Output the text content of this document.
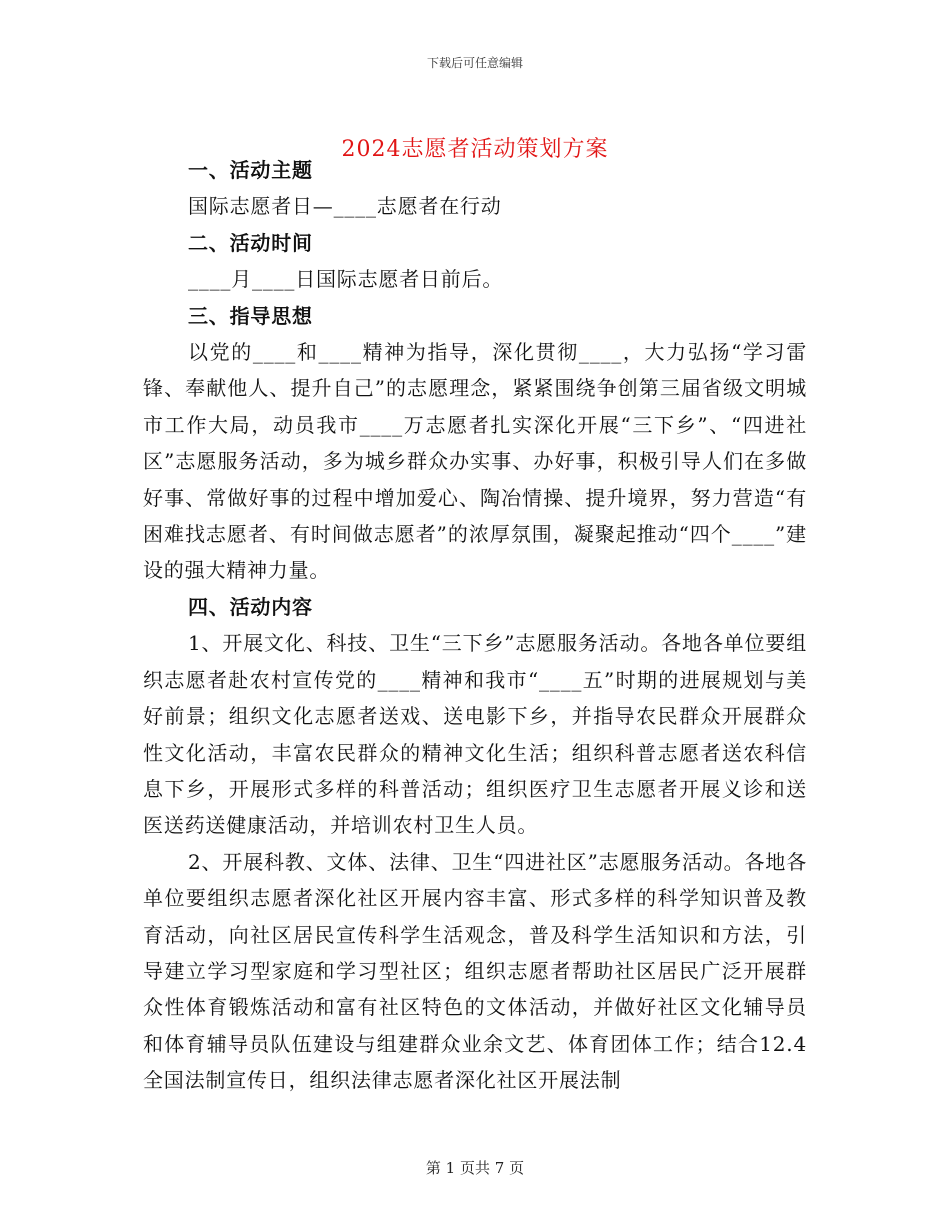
下载后可任意编辑
2024志愿者活动策划方案

一、活动主题

国际志愿者日—____志愿者在行动

二、活动时间

____月____日国际志愿者日前后。

三、指导思想

以党的____和____精神为指导，深化贯彻____，大力弘扬“学习雷锋、奉献他人、提升自己”的志愿理念，紧紧围绕争创第三届省级文明城市工作大局，动员我市____万志愿者扎实深化开展“三下乡”、“四进社区”志愿服务活动，多为城乡群众办实事、办好事，积极引导人们在多做好事、常做好事的过程中增加爱心、陶冶情操、提升境界，努力营造“有困难找志愿者、有时间做志愿者”的浓厚氛围，凝聚起推动“四个____”建设的强大精神力量。

四、活动内容

1、开展文化、科技、卫生“三下乡”志愿服务活动。各地各单位要组织志愿者赴农村宣传党的____精神和我市“____五”时期的进展规划与美好前景；组织文化志愿者送戏、送电影下乡，并指导农民群众开展群众性文化活动，丰富农民群众的精神文化生活；组织科普志愿者送农科信息下乡，开展形式多样的科普活动；组织医疗卫生志愿者开展义诊和送医送药送健康活动，并培训农村卫生人员。

2、开展科教、文体、法律、卫生“四进社区”志愿服务活动。各地各单位要组织志愿者深化社区开展内容丰富、形式多样的科学知识普及教育活动，向社区居民宣传科学生活观念，普及科学生活知识和方法，引导建立学习型家庭和学习型社区；组织志愿者帮助社区居民广泛开展群众性体育锻炼活动和富有社区特色的文体活动，并做好社区文化辅导员和体育辅导员队伍建设与组建群众业余文艺、体育团体工作；结合12.4全国法制宣传日，组织法律志愿者深化社区开展法制

第 1 页共 7 页
